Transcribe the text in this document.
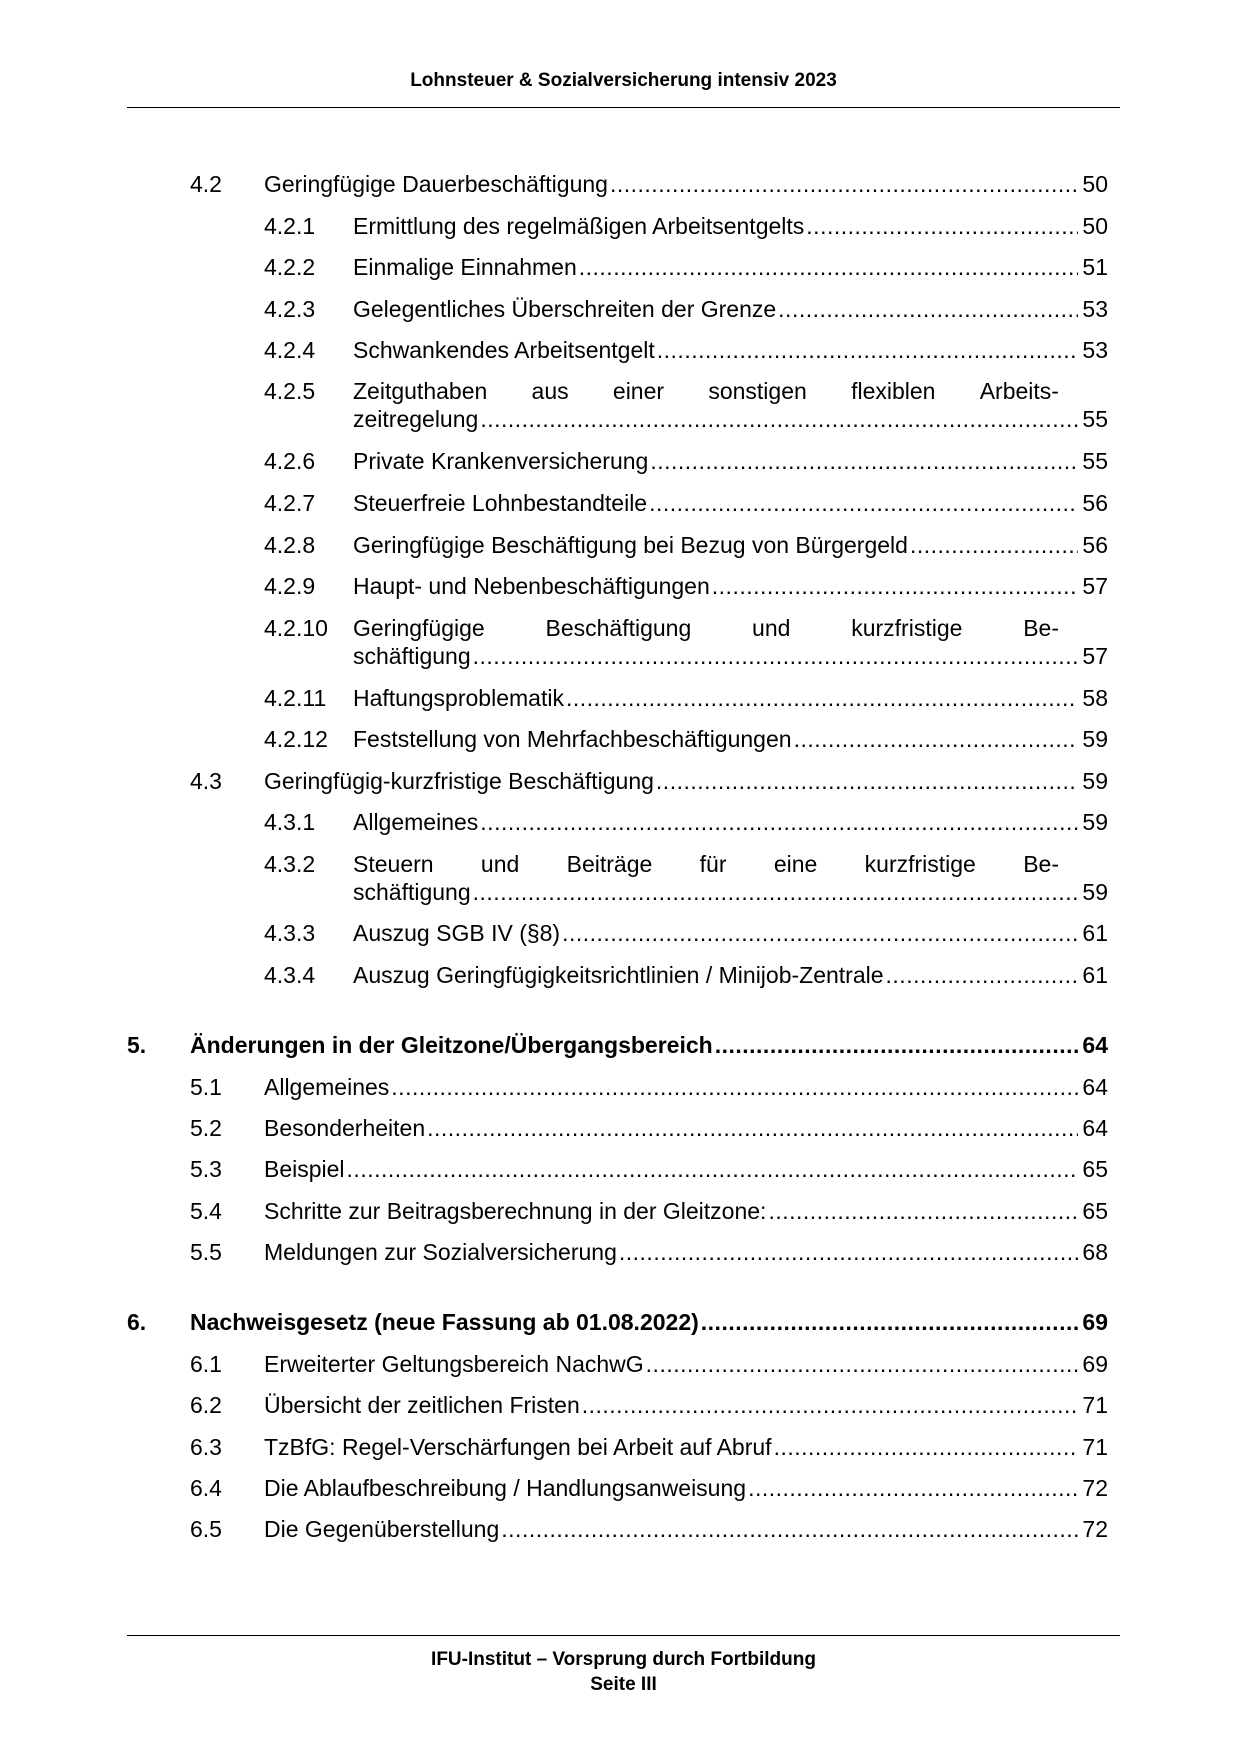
Lohnsteuer & Sozialversicherung intensiv 2023
4.2 Geringfügige Dauerbeschäftigung .....	50
4.2.1 Ermittlung des regelmäßigen Arbeitsentgelts .....	50
4.2.2 Einmalige Einnahmen .....	51
4.2.3 Gelegentliches Überschreiten der Grenze .....	53
4.2.4 Schwankendes Arbeitsentgelt .....	53
4.2.5 Zeitguthaben aus einer sonstigen flexiblen Arbeits-
zeitregelung .....	55
4.2.6 Private Krankenversicherung .....	55
4.2.7 Steuerfreie Lohnbestandteile .....	56
4.2.8 Geringfügige Beschäftigung bei Bezug von Bürgergeld .....	56
4.2.9 Haupt- und Nebenbeschäftigungen .....	57
4.2.10 Geringfügige	Beschäftigung	und	kurzfristige	Be-
schäftigung .....	57
4.2.11 Haftungsproblematik .....	58
4.2.12 Feststellung von Mehrfachbeschäftigungen .....	59
4.3 Geringfügig-kurzfristige Beschäftigung .....	59
4.3.1 Allgemeines .....	59
4.3.2 Steuern und Beiträge für eine kurzfristige Be-
schäftigung .....	59
4.3.3 Auszug SGB IV (§8) .....	61
4.3.4 Auszug Geringfügigkeitsrichtlinien / Minijob-Zentrale .....	61
5. Änderungen in der Gleitzone/Übergangsbereich .....	64
5.1 Allgemeines .....	64
5.2 Besonderheiten .....	64
5.3 Beispiel .....	65
5.4 Schritte zur Beitragsberechnung in der Gleitzone: .....	65
5.5 Meldungen zur Sozialversicherung .....	68
6. Nachweisgesetz (neue Fassung ab 01.08.2022) .....	69
6.1 Erweiterter Geltungsbereich NachwG .....	69
6.2 Übersicht der zeitlichen Fristen .....	71
6.3 TzBfG: Regel-Verschärfungen bei Arbeit auf Abruf .....	71
6.4 Die Ablaufbeschreibung / Handlungsanweisung .....	72
6.5 Die Gegenüberstellung .....	72
IFU-Institut – Vorsprung durch Fortbildung
Seite III
